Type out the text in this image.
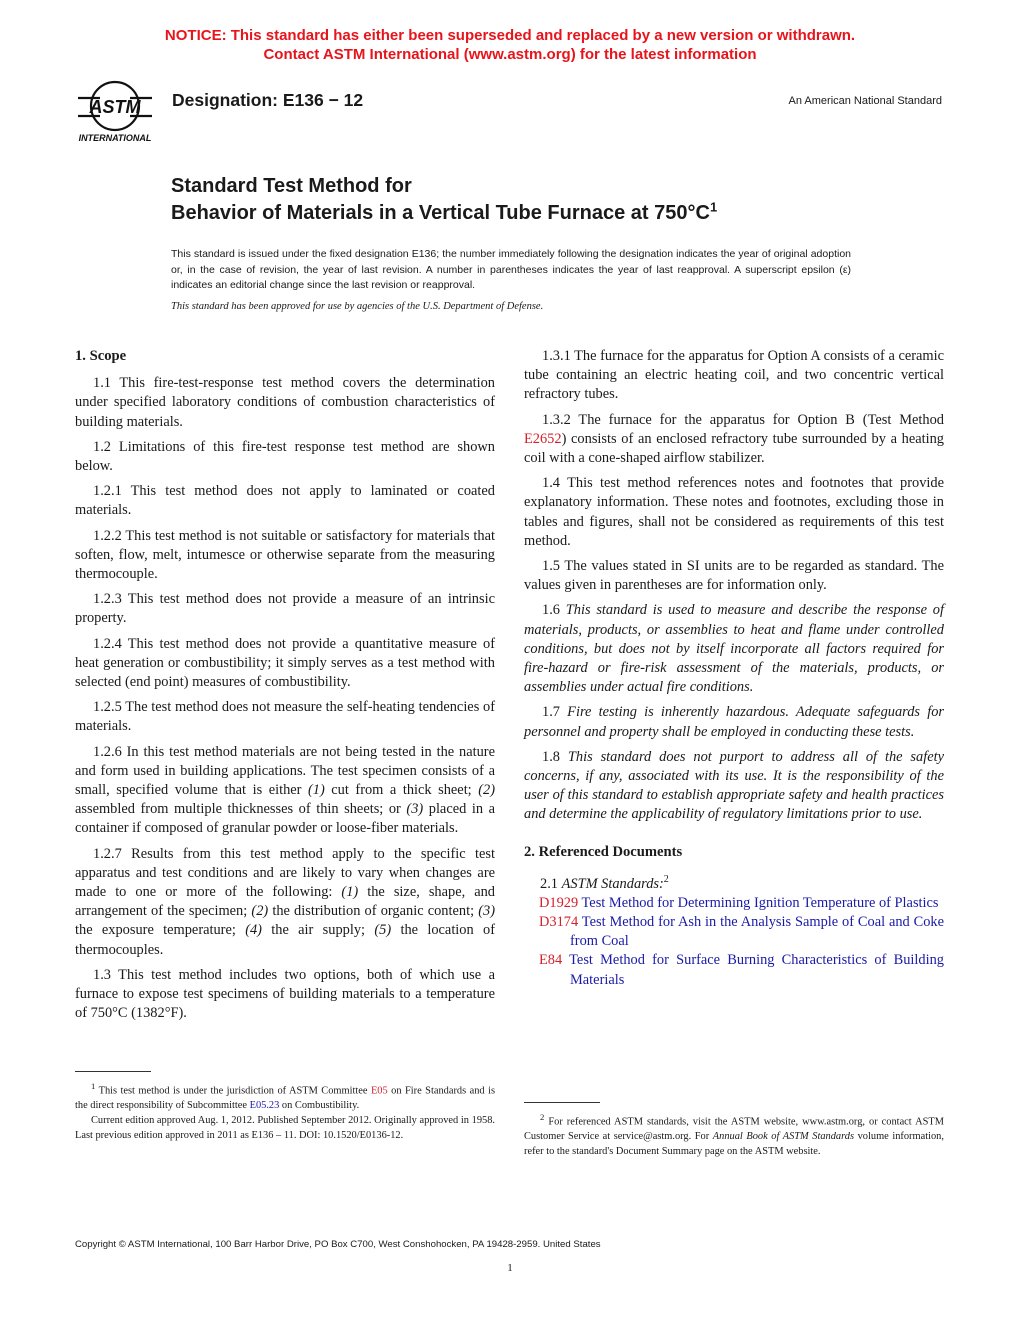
NOTICE: This standard has either been superseded and replaced by a new version or withdrawn.
Contact ASTM International (www.astm.org) for the latest information
ASTM
INTERNATIONAL
Designation: E136 − 12	An American National Standard
Standard Test Method for
Behavior of Materials in a Vertical Tube Furnace at $750^\circ C^1$
This standard is issued under the fixed designation E136; the number immediately following the designation indicates the year of original adoption or, in the case of revision, the year of last revision. A number in parentheses indicates the year of last reapproval. A superscript epsilon (ε) indicates an editorial change since the last revision or reapproval.
This standard has been approved for use by agencies of the U.S. Department of Defense.
1. Scope

1.1 This fire-test-response test method covers the determination under specified laboratory conditions of combustion characteristics of building materials.

1.2 Limitations of this fire-test response test method are shown below.

1.2.1 This test method does not apply to laminated or coated materials.

1.2.2 This test method is not suitable or satisfactory for materials that soften, flow, melt, intumesce or otherwise separate from the measuring thermocouple.

1.2.3 This test method does not provide a measure of an intrinsic property.

1.2.4 This test method does not provide a quantitative measure of heat generation or combustibility; it simply serves as a test method with selected (end point) measures of combustibility.

1.2.5 The test method does not measure the self-heating tendencies of materials.

1.2.6 In this test method materials are not being tested in the nature and form used in building applications. The test specimen consists of a small, specified volume that is either (1) cut from a thick sheet; (2) assembled from multiple thicknesses of thin sheets; or (3) placed in a container if composed of granular powder or loose-fiber materials.

1.2.7 Results from this test method apply to the specific test apparatus and test conditions and are likely to vary when changes are made to one or more of the following: (1) the size, shape, and arrangement of the specimen; (2) the distribution of organic content; (3) the exposure temperature; (4) the air supply; (5) the location of thermocouples.

1.3 This test method includes two options, both of which use a furnace to expose test specimens of building materials to a temperature of 750°C (1382°F).

1.3.1 The furnace for the apparatus for Option A consists of a ceramic tube containing an electric heating coil, and two concentric vertical refractory tubes.

1.3.2 The furnace for the apparatus for Option B (Test Method E2652) consists of an enclosed refractory tube surrounded by a heating coil with a cone-shaped airflow stabilizer.

1.4 This test method references notes and footnotes that provide explanatory information. These notes and footnotes, excluding those in tables and figures, shall not be considered as requirements of this test method.

1.5 The values stated in SI units are to be regarded as standard. The values given in parentheses are for information only.

1.6 This standard is used to measure and describe the response of materials, products, or assemblies to heat and flame under controlled conditions, but does not by itself incorporate all factors required for fire-hazard or fire-risk assessment of the materials, products, or assemblies under actual fire conditions.

1.7 Fire testing is inherently hazardous. Adequate safeguards for personnel and property shall be employed in conducting these tests.

1.8 This standard does not purport to address all of the safety concerns, if any, associated with its use. It is the responsibility of the user of this standard to establish appropriate safety and health practices and determine the applicability of regulatory limitations prior to use.

2. Referenced Documents

2.1 ASTM Standards:$^2$

D1929 Test Method for Determining Ignition Temperature of Plastics
D3174 Test Method for Ash in the Analysis Sample of Coal and Coke from Coal
E84 Test Method for Surface Burning Characteristics of Building Materials

$^1$ This test method is under the jurisdiction of ASTM Committee E05 on Fire Standards and is the direct responsibility of Subcommittee E05.23 on Combustibility.

Current edition approved Aug. 1, 2012. Published September 2012. Originally approved in 1958. Last previous edition approved in 2011 as E136 – 11. DOI: 10.1520/E0136-12.

$^2$ For referenced ASTM standards, visit the ASTM website, www.astm.org, or contact ASTM Customer Service at service@astm.org. For Annual Book of ASTM Standards volume information, refer to the standard's Document Summary page on the ASTM website.

Copyright © ASTM International, 100 Barr Harbor Drive, PO Box C700, West Conshohocken, PA 19428-2959. United States
1
